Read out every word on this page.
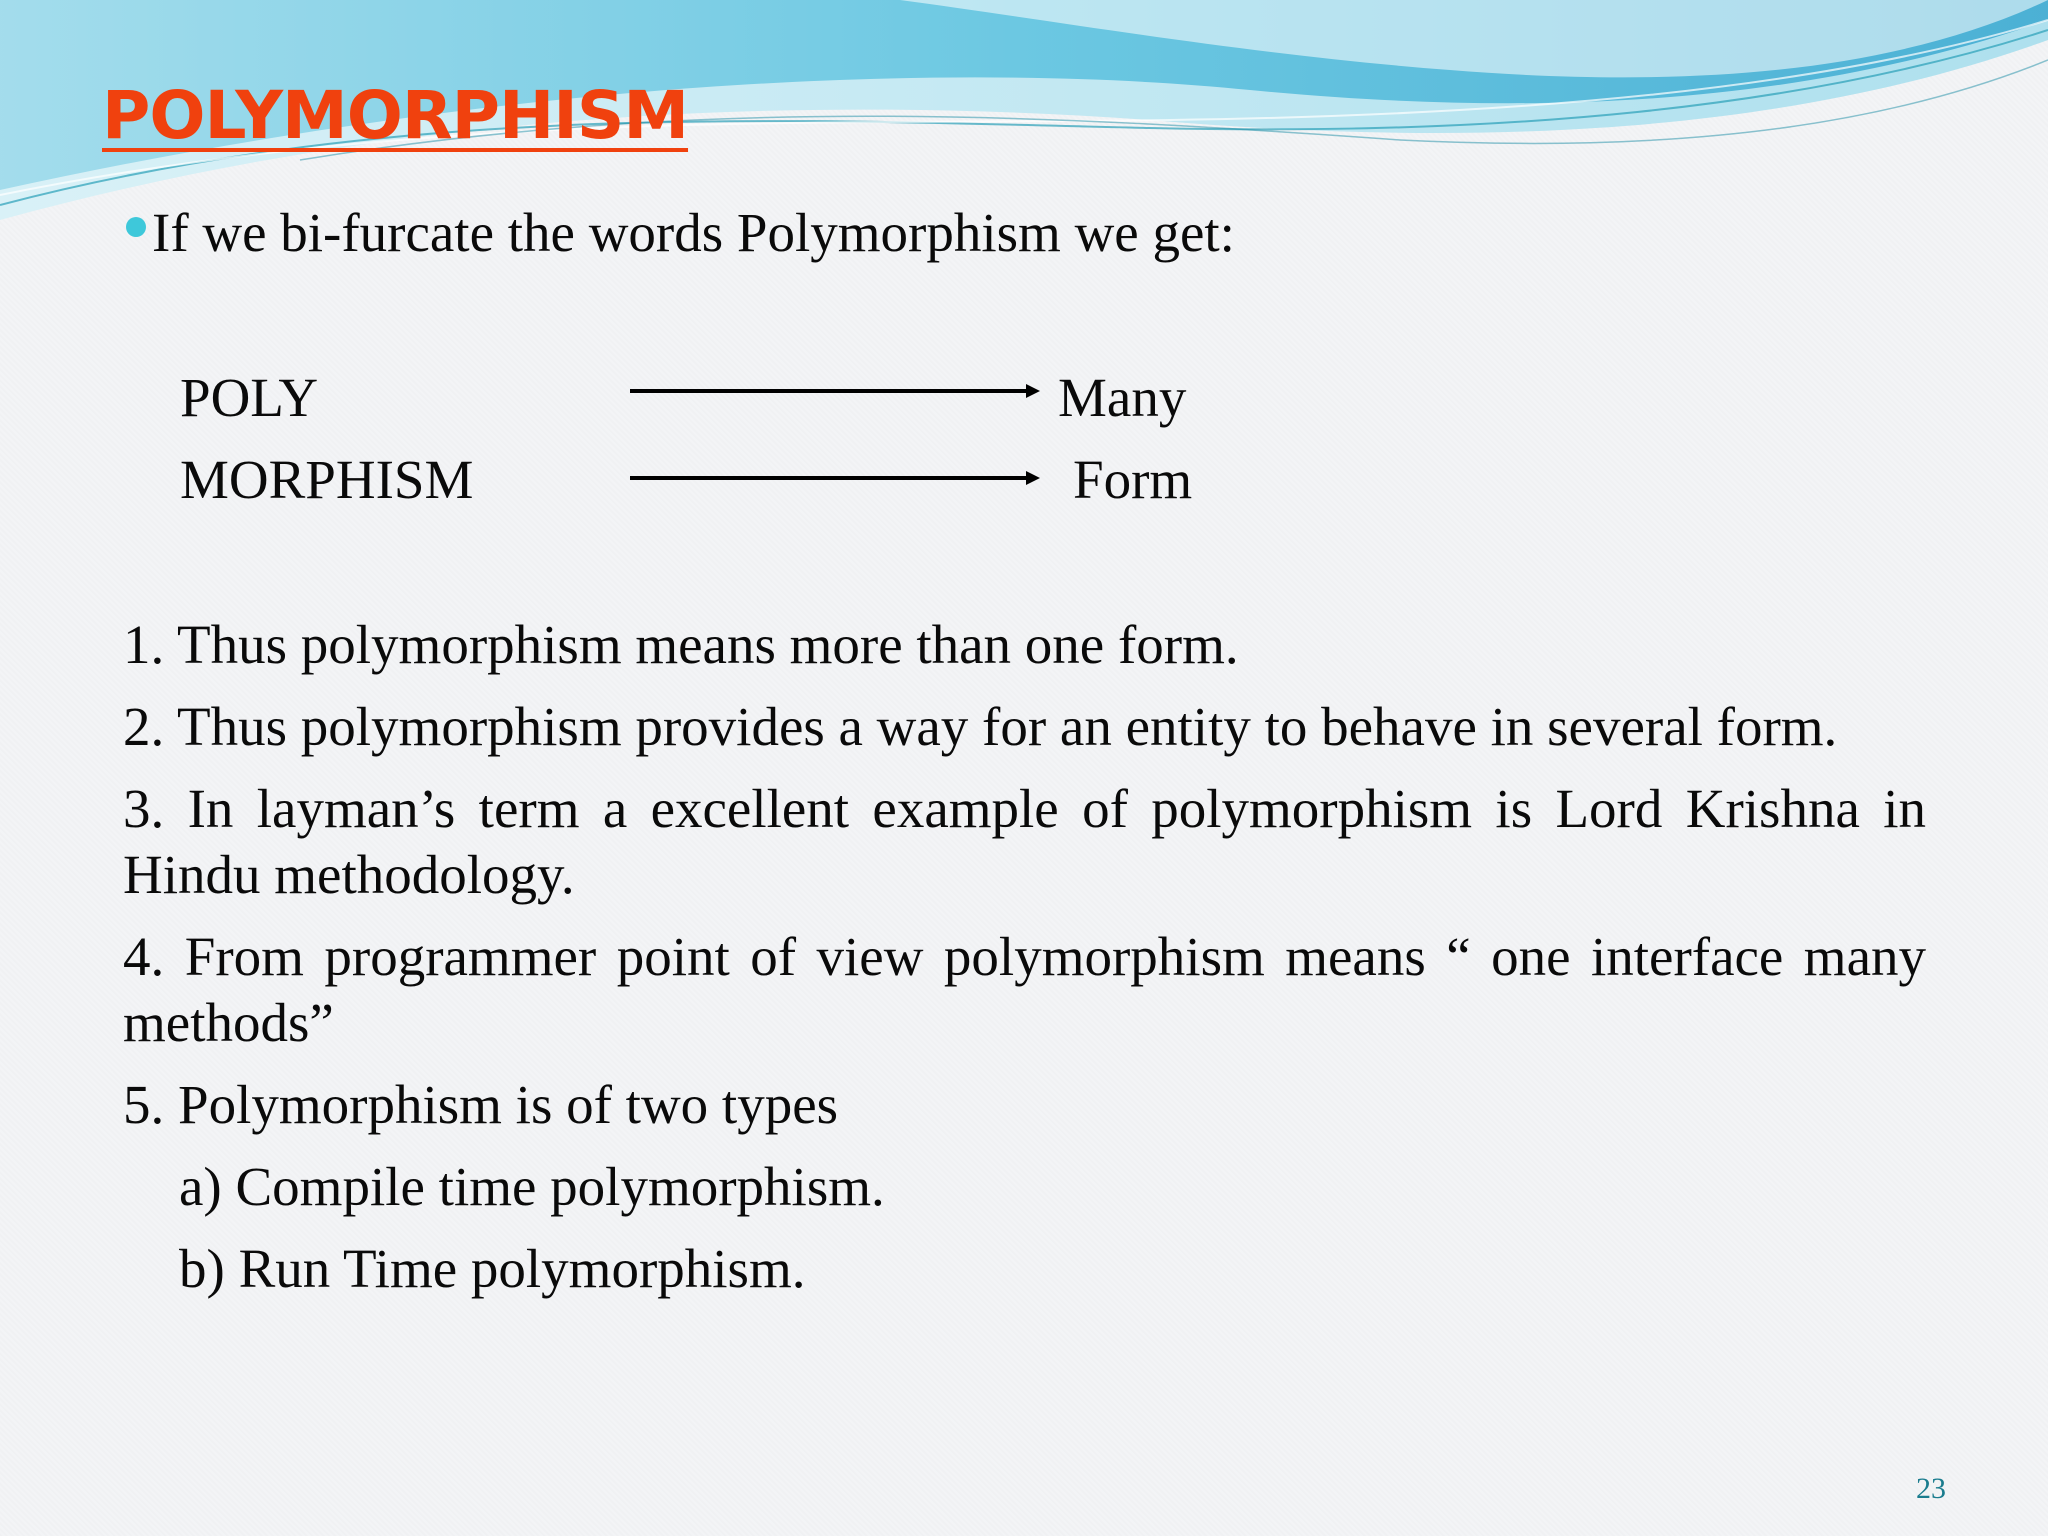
POLYMORPHISM
If we bi-furcate the words Polymorphism we get:
POLY	Many
MORPHISM	Form

1. Thus polymorphism means more than one form.

2. Thus polymorphism provides a way for an entity to behave in several form.

3. In layman’s term a excellent example of polymorphism is Lord Krishna in Hindu methodology.

4. From programmer point of view polymorphism means “ one interface many methods”

5. Polymorphism is of two types

a) Compile time polymorphism.

b) Run Time polymorphism.

23
